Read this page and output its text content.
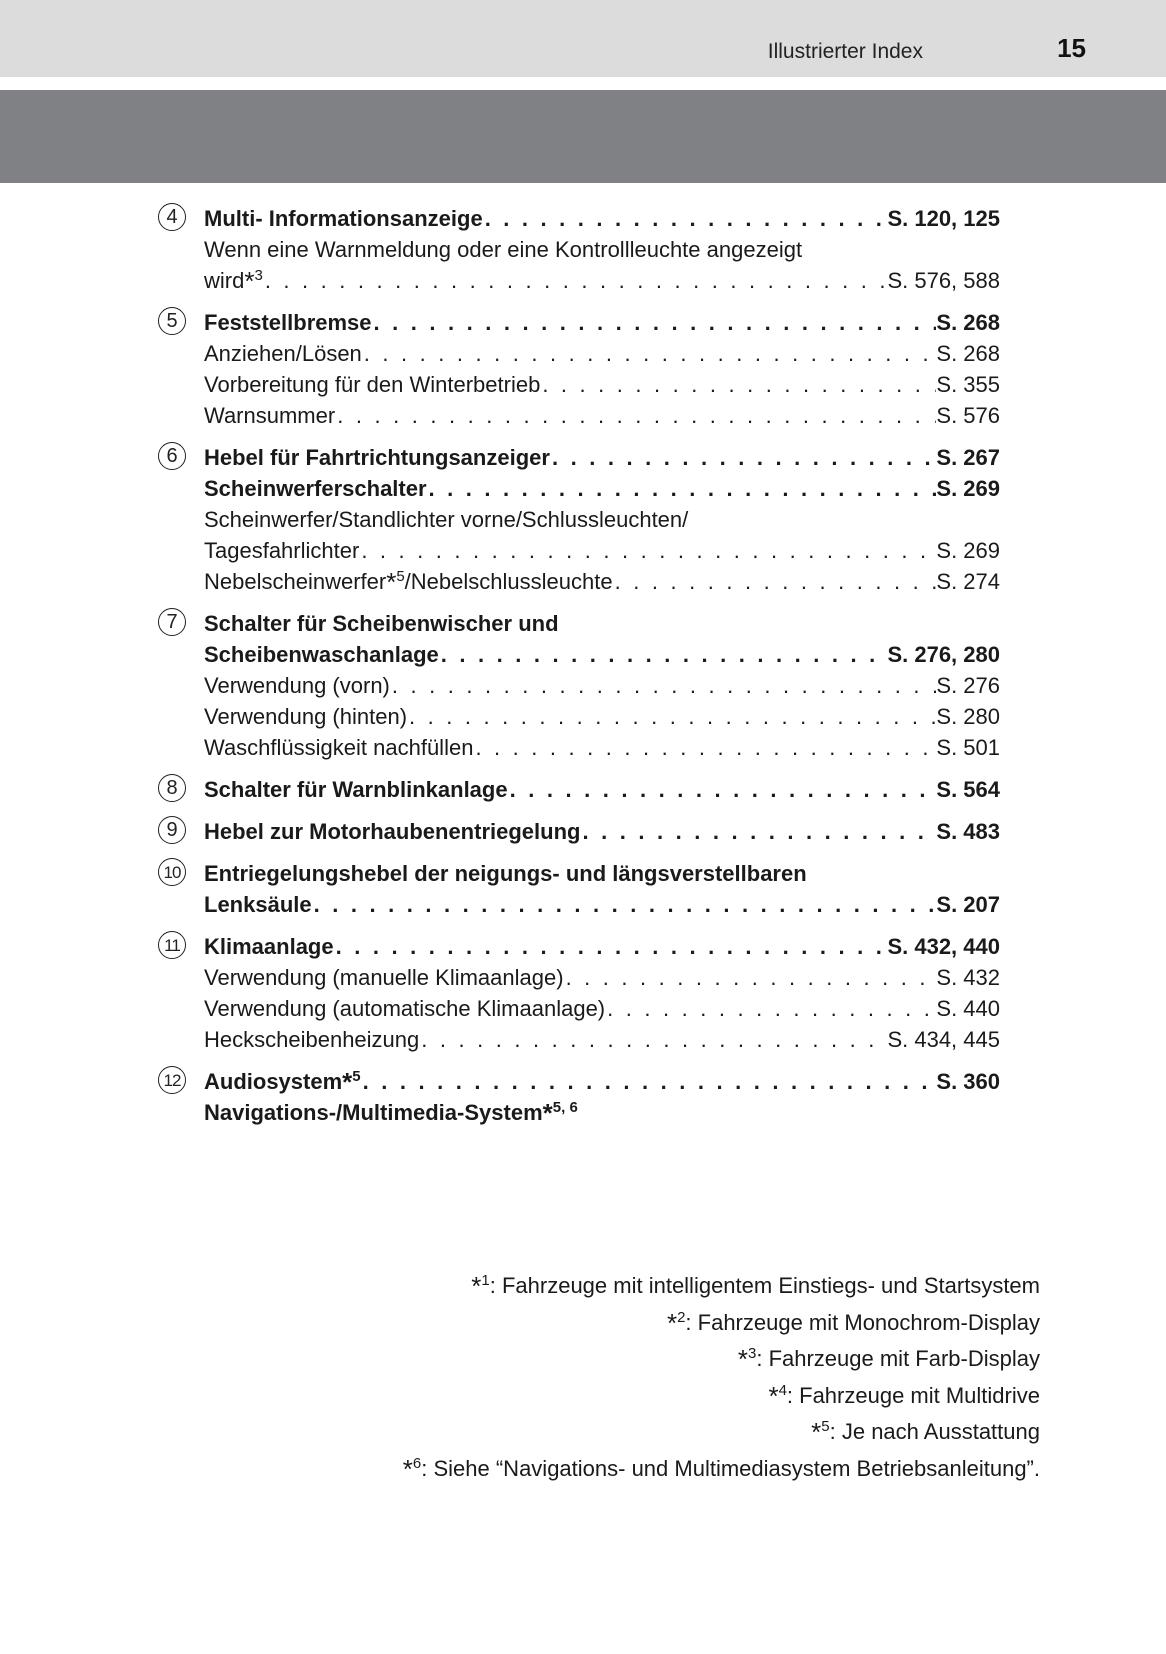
Illustrierter Index	15
4	Multi- Informationsanzeige . . .	S. 120, 125
Wenn eine Warnmeldung oder eine Kontrollleuchte angezeigt
wird*$^3$ . . .	S. 576, 588
5	Feststellbremse . . .	S. 268
Anziehen/Lösen . . .	S. 268
Vorbereitung für den Winterbetrieb . . .	S. 355
Warnsummer . . .	S. 576
6	Hebel für Fahrtrichtungsanzeiger . . .	S. 267
Scheinwerferschalter . . .	S. 269
Scheinwerfer/Standlichter vorne/Schlussleuchten/
Tagesfahrlichter . . .	S. 269
Nebelscheinwerfer*$^5$/Nebelschlussleuchte . . .	S. 274
7	Schalter für Scheibenwischer und
Scheibenwaschanlage . . .	S. 276, 280
Verwendung (vorn) . . .	S. 276
Verwendung (hinten) . . .	S. 280
Waschflüssigkeit nachfüllen . . .	S. 501
8	Schalter für Warnblinkanlage . . .	S. 564
9	Hebel zur Motorhaubenentriegelung . . .	S. 483
10 Entriegelungshebel der neigungs- und längsverstellbaren
Lenksäule . . .	S. 207
11 Klimaanlage . . .	S. 432, 440
Verwendung (manuelle Klimaanlage) . . .	S. 432
Verwendung (automatische Klimaanlage) . . .	S. 440
Heckscheibenheizung . . .	S. 434, 445
12 Audiosystem*$^5$ . . .	S. 360
Navigations-/Multimedia-System*$^{5, 6}$
*$^1$: Fahrzeuge mit intelligentem Einstiegs- und Startsystem
*$^2$: Fahrzeuge mit Monochrom-Display
*$^3$: Fahrzeuge mit Farb-Display
*$^4$: Fahrzeuge mit Multidrive
*$^5$: Je nach Ausstattung
*$^6$: Siehe “Navigations- und Multimediasystem Betriebsanleitung”.
